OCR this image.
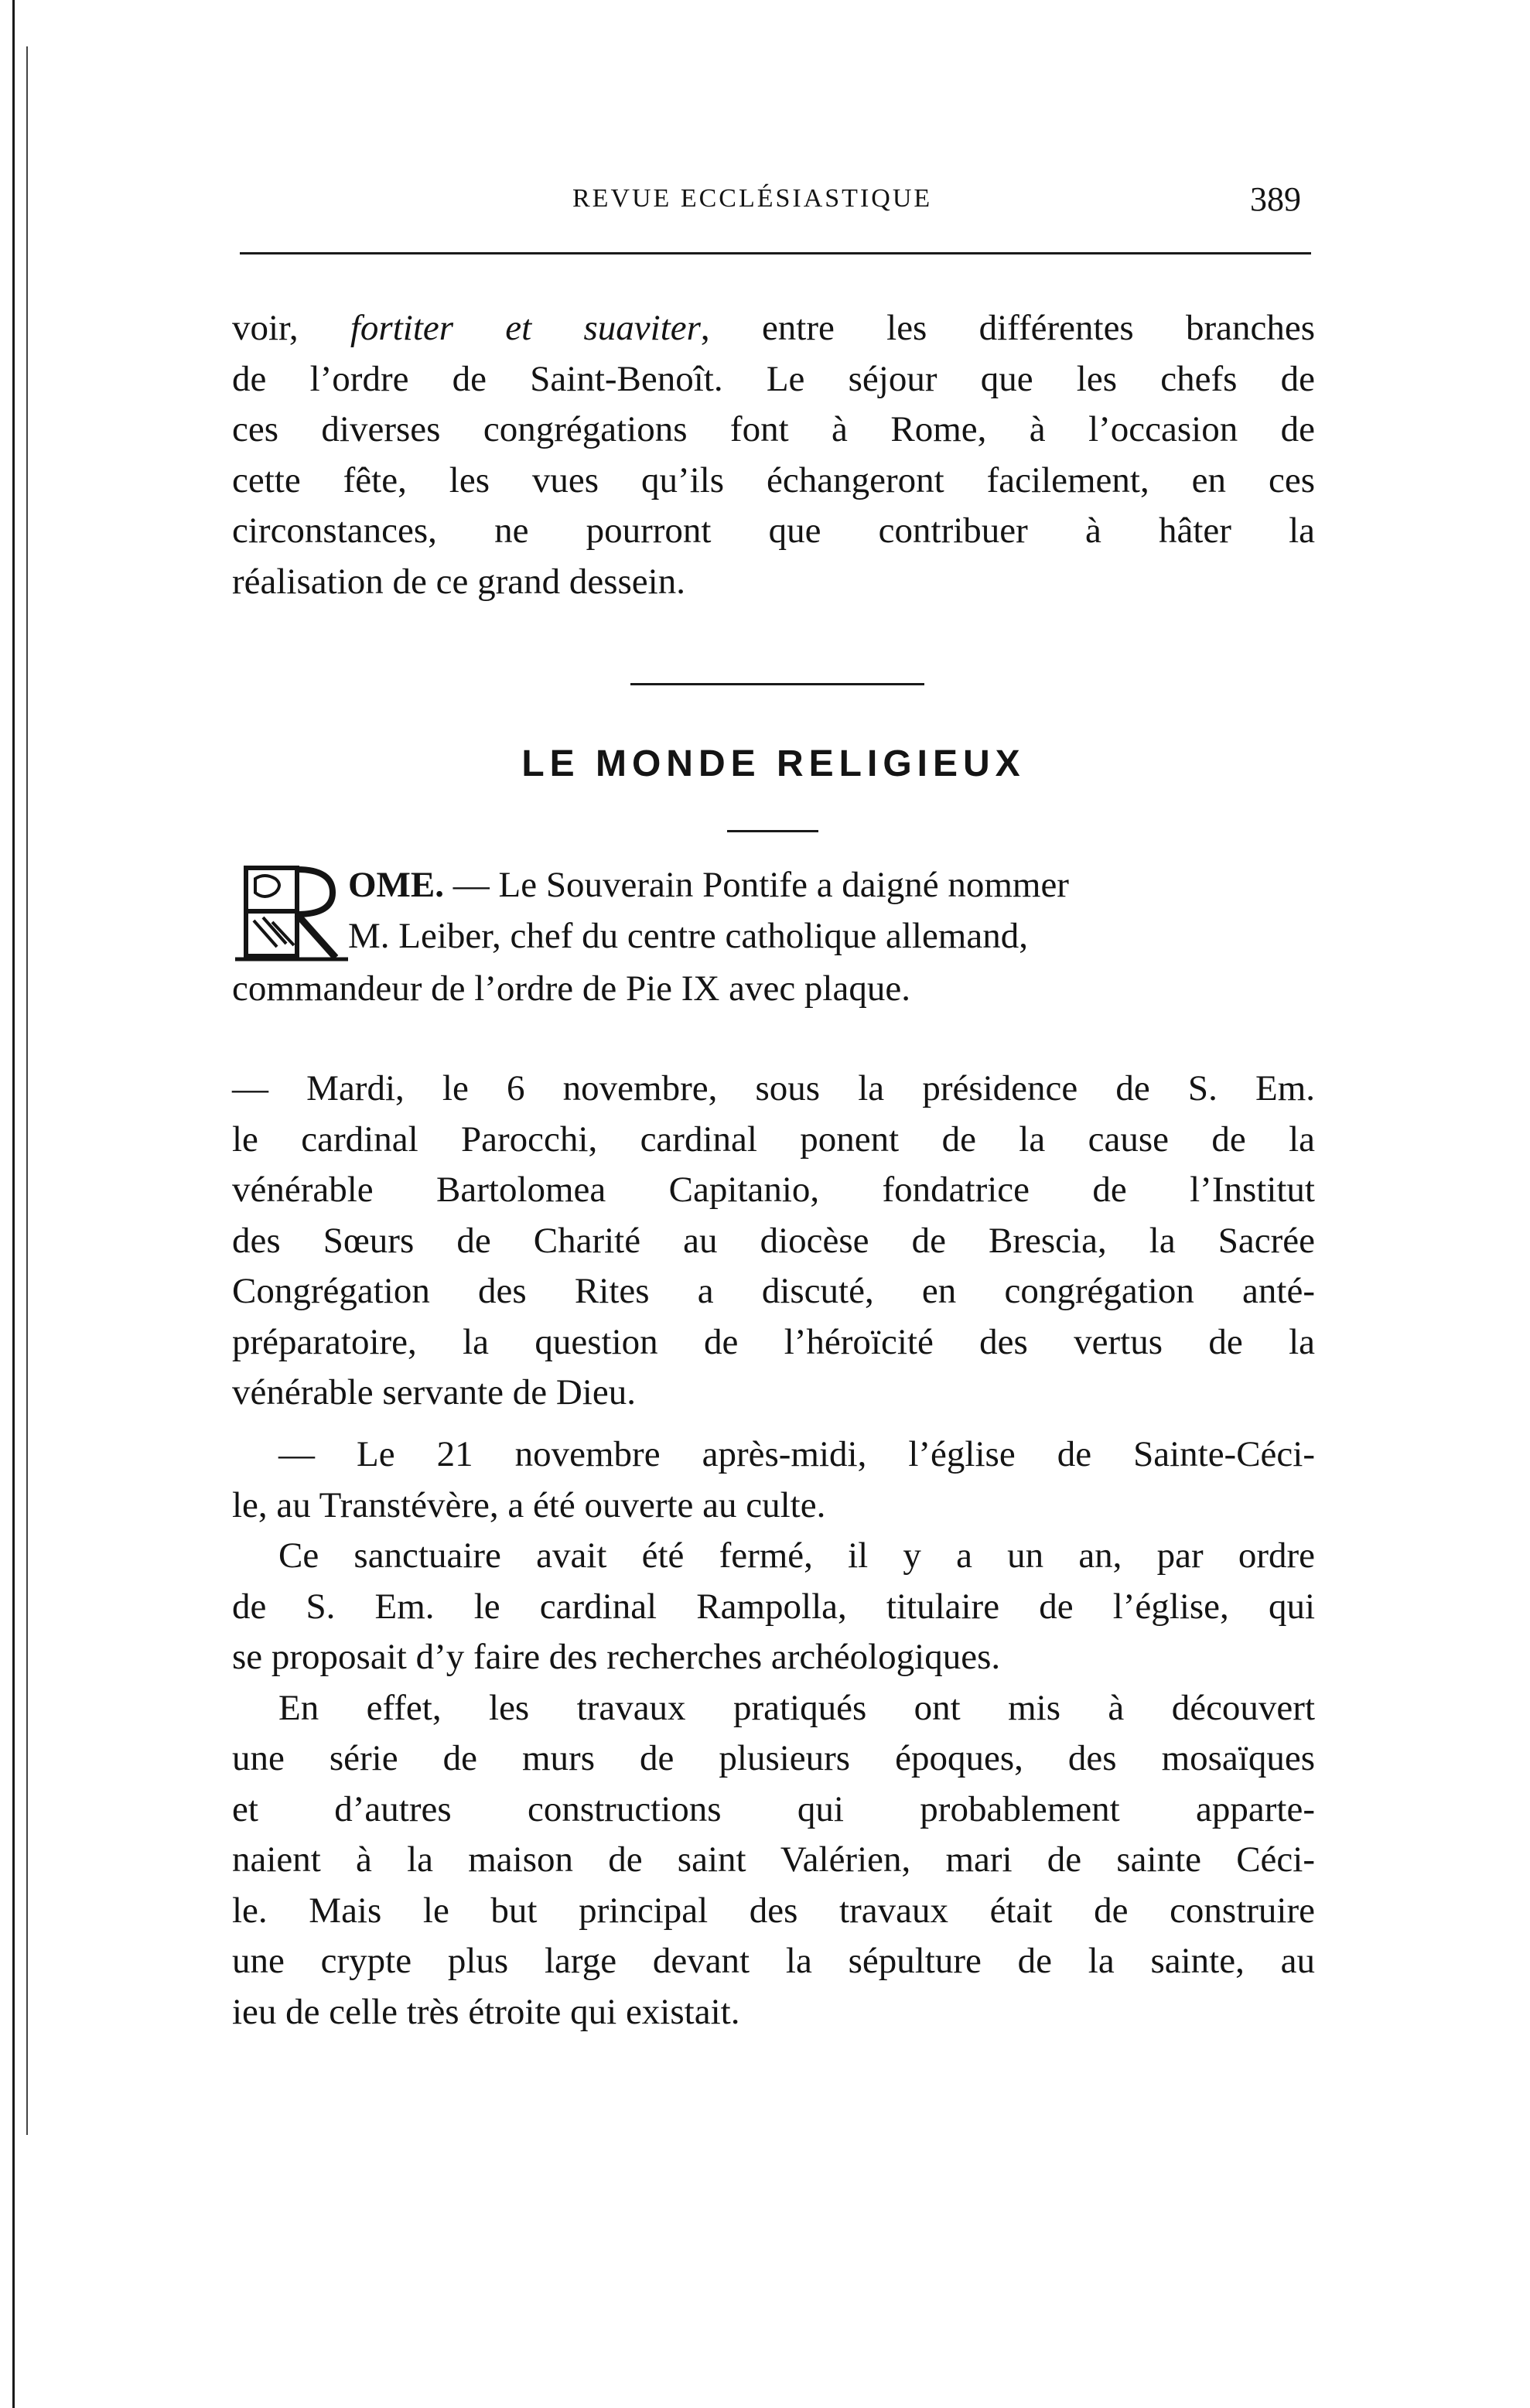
REVUE ECCLÉSIASTIQUE	389

voir, fortiter et suaviter, entre les différentes branches

de l’ordre de Saint-Benoît. Le séjour que les chefs de

ces diverses congrégations font à Rome, à l’occasion de

cette fête, les vues qu’ils échangeront facilement, en ces

circonstances, ne pourront que contribuer à hâter la

réalisation de ce grand dessein.

LE MONDE RELIGIEUX

OME. — Le Souverain Pontife a daigné nommer

M. Leiber, chef du centre catholique allemand,

commandeur de l’ordre de Pie IX avec plaque.

— Mardi, le 6 novembre, sous la présidence de S. Em.

le cardinal Parocchi, cardinal ponent de la cause de la

vénérable Bartolomea Capitanio, fondatrice de l’Institut

des Sœurs de Charité au diocèse de Brescia, la Sacrée

Congrégation des Rites a discuté, en congrégation anté-

préparatoire, la question de l’héroïcité des vertus de la

vénérable servante de Dieu.

— Le 21 novembre après-midi, l’église de Sainte-Céci-

le, au Transtévère, a été ouverte au culte.

Ce sanctuaire avait été fermé, il y a un an, par ordre

de S. Em. le cardinal Rampolla, titulaire de l’église, qui

se proposait d’y faire des recherches archéologiques.

En effet, les travaux pratiqués ont mis à découvert

une série de murs de plusieurs époques, des mosaïques

et d’autres constructions qui probablement apparte-

naient à la maison de saint Valérien, mari de sainte Céci-

le. Mais le but principal des travaux était de construire

une crypte plus large devant la sépulture de la sainte, au

ieu de celle très étroite qui existait.
